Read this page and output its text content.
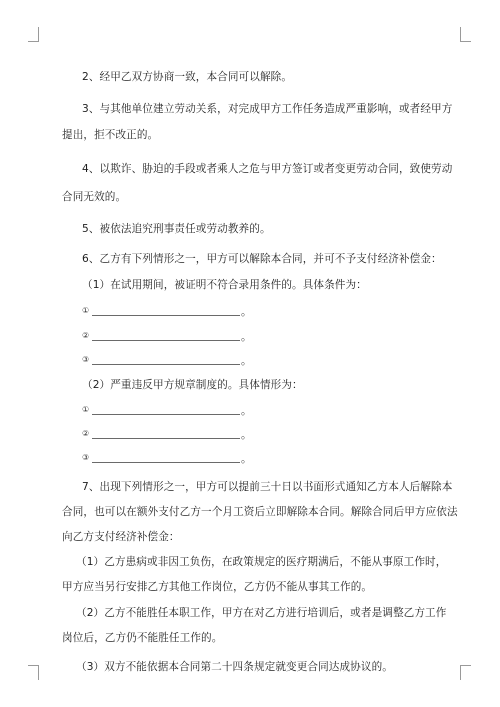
2、经甲乙双方协商一致，本合同可以解除。
3、与其他单位建立劳动关系，对完成甲方工作任务造成严重影响，或者经甲方
提出，拒不改正的。
4、以欺诈、胁迫的手段或者乘人之危与甲方签订或者变更劳动合同，致使劳动
合同无效的。
5、被依法追究刑事责任或劳动教养的。
6、乙方有下列情形之一，甲方可以解除本合同，并可不予支付经济补偿金：
（1）在试用期间，被证明不符合录用条件的。具体条件为：
①	。
②	。
③	。
（2）严重违反甲方规章制度的。具体情形为：
①	。
②	。
③	。
7、出现下列情形之一，甲方可以提前三十日以书面形式通知乙方本人后解除本
合同，也可以在额外支付乙方一个月工资后立即解除本合同。解除合同后甲方应依法
向乙方支付经济补偿金：
（1）乙方患病或非因工负伤，在政策规定的医疗期满后，不能从事原工作时，
甲方应当另行安排乙方其他工作岗位，乙方仍不能从事其工作的。
（2）乙方不能胜任本职工作，甲方在对乙方进行培训后，或者是调整乙方工作
岗位后，乙方仍不能胜任工作的。
（3）双方不能依据本合同第二十四条规定就变更合同达成协议的。
